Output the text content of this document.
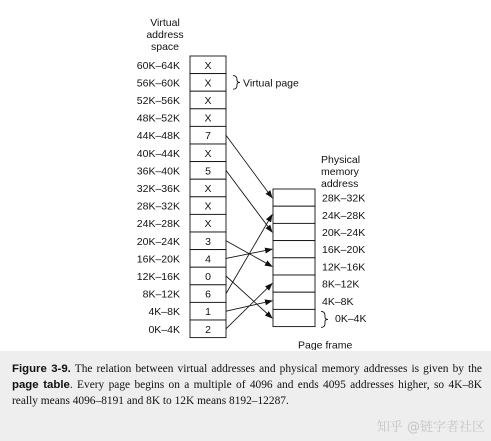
Virtual
address
space
X
60K–64K
X
56K–60K
X
52K–56K
X
48K–52K
7
44K–48K
X
40K–44K
5
36K–40K
X
32K–36K
X
28K–32K
X
24K–28K
3
20K–24K
4
16K–20K
0
12K–16K
6
8K–12K
1
4K–8K
2
0K–4K
Virtual page
Physical
memory
address
28K–32K
24K–28K
20K–24K
16K–20K
12K–16K
8K–12K
4K–8K
0K–4K
Page frame
Figure 3-9. The relation between virtual addresses and physical memory addresses is given by the page table. Every page begins on a multiple of 4096 and ends 4095 addresses higher, so 4K–8K really means 4096–8191 and 8K to 12K means 8192–12287.
知乎 @链字者社区
